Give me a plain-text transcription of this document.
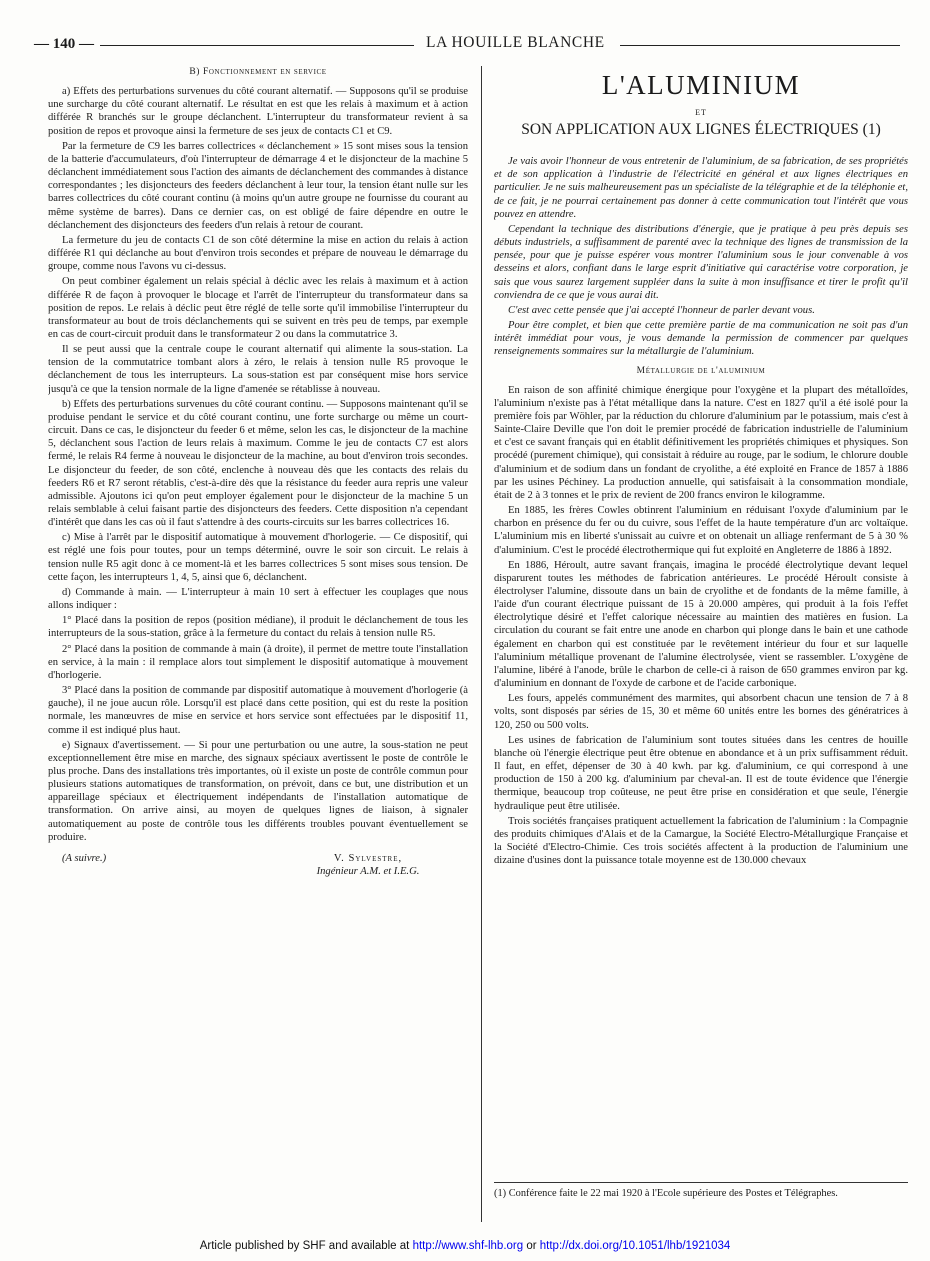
— 140 —	LA HOUILLE BLANCHE

B) Fonctionnement en service

a) Effets des perturbations survenues du côté courant alternatif. — Supposons qu'il se produise une surcharge du côté courant alternatif. Le résultat en est que les relais à maximum et à action différée R branchés sur le groupe déclanchent. L'interrupteur du transformateur revient à sa position de repos et provoque ainsi la fermeture de ses jeux de contacts C1 et C9.

Par la fermeture de C9 les barres collectrices « déclanchement » 15 sont mises sous la tension de la batterie d'accumulateurs, d'où l'interrupteur de démarrage 4 et le disjoncteur de la machine 5 déclanchent immédiatement sous l'action des aimants de déclanchement des commandes à distance correspondantes ; les disjoncteurs des feeders déclanchent à leur tour, la tension étant nulle sur les barres collectrices du côté courant continu (à moins qu'un autre groupe ne fournisse du courant au même système de barres). Dans ce dernier cas, on est obligé de faire dépendre en outre le déclanchement des disjoncteurs des feeders d'un relais à retour de courant.

La fermeture du jeu de contacts C1 de son côté détermine la mise en action du relais à action différée R1 qui déclanche au bout d'environ trois secondes et prépare de nouveau le démarrage du groupe, comme nous l'avons vu ci-dessus.

On peut combiner également un relais spécial à déclic avec les relais à maximum et à action différée R de façon à provoquer le blocage et l'arrêt de l'interrupteur du transformateur dans sa position de repos. Le relais à déclic peut être réglé de telle sorte qu'il immobilise l'interrupteur du transformateur au bout de trois déclanchements qui se suivent en très peu de temps, par exemple en cas de court-circuit produit dans le transformateur 2 ou dans la commutatrice 3.

Il se peut aussi que la centrale coupe le courant alternatif qui alimente la sous-station. La tension de la commutatrice tombant alors à zéro, le relais à tension nulle R5 provoque le déclanchement de tous les interrupteurs. La sous-station est par conséquent mise hors service jusqu'à ce que la tension normale de la ligne d'amenée se rétablisse à nouveau.

b) Effets des perturbations survenues du côté courant continu. — Supposons maintenant qu'il se produise pendant le service et du côté courant continu, une forte surcharge ou même un court-circuit. Dans ce cas, le disjoncteur du feeder 6 et même, selon les cas, le disjoncteur de la machine 5, déclanchent sous l'action de leurs relais à maximum. Comme le jeu de contacts C7 est alors fermé, le relais R4 ferme à nouveau le disjoncteur de la machine, au bout d'environ trois secondes. Le disjoncteur du feeder, de son côté, enclenche à nouveau dès que les contacts des relais du feeders R6 et R7 seront rétablis, c'est-à-dire dès que la résistance du feeder aura repris une valeur admissible. Ajoutons ici qu'on peut employer également pour le disjoncteur de la machine 5 un relais semblable à celui faisant partie des disjoncteurs des feeders. Cette disposition n'a cependant d'intérêt que dans les cas où il faut s'attendre à des courts-circuits sur les barres collectrices 16.

c) Mise à l'arrêt par le dispositif automatique à mouvement d'horlogerie. — Ce dispositif, qui est réglé une fois pour toutes, pour un temps déterminé, ouvre le soir son circuit. Le relais à tension nulle R5 agit donc à ce moment-là et les barres collectrices 5 sont mises sous tension. De cette façon, les interrupteurs 1, 4, 5, ainsi que 6, déclanchent.

d) Commande à main. — L'interrupteur à main 10 sert à effectuer les couplages que nous allons indiquer :

1° Placé dans la position de repos (position médiane), il produit le déclanchement de tous les interrupteurs de la sous-station, grâce à la fermeture du contact du relais à tension nulle R5.

2° Placé dans la position de commande à main (à droite), il permet de mettre toute l'installation en service, à la main : il remplace alors tout simplement le dispositif automatique à mouvement d'horlogerie.

3° Placé dans la position de commande par dispositif automatique à mouvement d'horlogerie (à gauche), il ne joue aucun rôle. Lorsqu'il est placé dans cette position, qui est du reste la position normale, les manœuvres de mise en service et hors service sont effectuées par le dispositif 11, comme il est indiqué plus haut.

e) Signaux d'avertissement. — Si pour une perturbation ou une autre, la sous-station ne peut exceptionnellement être mise en marche, des signaux spéciaux avertissent le poste de contrôle le plus proche. Dans des installations très importantes, où il existe un poste de contrôle commun pour plusieurs stations automatiques de transformation, on prévoit, dans ce but, une distribution et un appareillage spéciaux et électriquement indépendants de l'installation automatique de transformation. On arrive ainsi, au moyen de quelques lignes de liaison, à signaler automatiquement au poste de contrôle tous les différents troubles pouvant éventuellement se produire.

(A suivre.)	V. Sylvestre,
Ingénieur A.M. et I.E.G.

L'ALUMINIUM

ET

SON APPLICATION AUX LIGNES ÉLECTRIQUES (1)

Je vais avoir l'honneur de vous entretenir de l'aluminium, de sa fabrication, de ses propriétés et de son application à l'industrie de l'électricité en général et aux lignes électriques en particulier. Je ne suis malheureusement pas un spécialiste de la télégraphie et de la téléphonie et, de ce fait, je ne pourrai certainement pas donner à cette communication tout l'intérêt que vous pouvez en attendre.

Cependant la technique des distributions d'énergie, que je pratique à peu près depuis ses débuts industriels, a suffisamment de parenté avec la technique des lignes de transmission de la pensée, pour que je puisse espérer vous montrer l'aluminium sous le jour convenable à vos desseins et alors, confiant dans le large esprit d'initiative qui caractérise votre corporation, je sais que vous saurez largement suppléer dans la suite à mon insuffisance et tirer le profit qu'il conviendra de ce que je vous aurai dit.

C'est avec cette pensée que j'ai accepté l'honneur de parler devant vous.

Pour être complet, et bien que cette première partie de ma communication ne soit pas d'un intérêt immédiat pour vous, je vous demande la permission de commencer par quelques renseignements sommaires sur la métallurgie de l'aluminium.

Métallurgie de l'aluminium

En raison de son affinité chimique énergique pour l'oxygène et la plupart des métalloïdes, l'aluminium n'existe pas à l'état métallique dans la nature. C'est en 1827 qu'il a été isolé pour la première fois par Wöhler, par la réduction du chlorure d'aluminium par le potassium, mais c'est à Sainte-Claire Deville que l'on doit le premier procédé de fabrication industrielle de l'aluminium et c'est ce savant français qui en établit définitivement les propriétés chimiques et physiques. Son procédé (purement chimique), qui consistait à réduire au rouge, par le sodium, le chlorure double d'aluminium et de sodium dans un fondant de cryolithe, a été exploité en France de 1857 à 1886 par les usines Péchiney. La production annuelle, qui satisfaisait à la consommation mondiale, était de 2 à 3 tonnes et le prix de revient de 200 francs environ le kilogramme.

En 1885, les frères Cowles obtinrent l'aluminium en réduisant l'oxyde d'aluminium par le charbon en présence du fer ou du cuivre, sous l'effet de la haute température d'un arc voltaïque. L'aluminium mis en liberté s'unissait au cuivre et on obtenait un alliage renfermant de 5 à 30 % d'aluminium. C'est le procédé électrothermique qui fut exploité en Angleterre de 1886 à 1892.

En 1886, Héroult, autre savant français, imagina le procédé électrolytique devant lequel disparurent toutes les méthodes de fabrication antérieures. Le procédé Héroult consiste à électrolyser l'alumine, dissoute dans un bain de cryolithe et de fondants de la même famille, à l'aide d'un courant électrique puissant de 15 à 20.000 ampères, qui produit à la fois l'effet électrolytique désiré et l'effet calorique nécessaire au maintien des matières en fusion. La circulation du courant se fait entre une anode en charbon qui plonge dans le bain et une cathode également en charbon qui est constituée par le revêtement intérieur du four et sur laquelle l'aluminium métallique provenant de l'alumine électrolysée, vient se rassembler. L'oxygène de l'alumine, libéré à l'anode, brûle le charbon de celle-ci à raison de 650 grammes environ par kg. d'aluminium en donnant de l'oxyde de carbone et de l'acide carbonique.

Les fours, appelés communément des marmites, qui absorbent chacun une tension de 7 à 8 volts, sont disposés par séries de 15, 30 et même 60 unités entre les bornes des génératrices à 120, 250 ou 500 volts.

Les usines de fabrication de l'aluminium sont toutes situées dans les centres de houille blanche où l'énergie électrique peut être obtenue en abondance et à un prix suffisamment réduit. Il faut, en effet, dépenser de 30 à 40 kwh. par kg. d'aluminium, ce qui correspond à une production de 150 à 200 kg. d'aluminium par cheval-an. Il est de toute évidence que l'énergie thermique, beaucoup trop coûteuse, ne peut être prise en considération et que seule, l'énergie hydraulique peut être utilisée.

Trois sociétés françaises pratiquent actuellement la fabrication de l'aluminium : la Compagnie des produits chimiques d'Alais et de la Camargue, la Société Electro-Métallurgique Française et la Société d'Electro-Chimie. Ces trois sociétés affectent à la production de l'aluminium une dizaine d'usines dont la puissance totale moyenne est de 130.000 chevaux

(1) Conférence faite le 22 mai 1920 à l'Ecole supérieure des Postes et Télégraphes.
Article published by SHF and available at http://www.shf-lhb.org or http://dx.doi.org/10.1051/lhb/1921034
